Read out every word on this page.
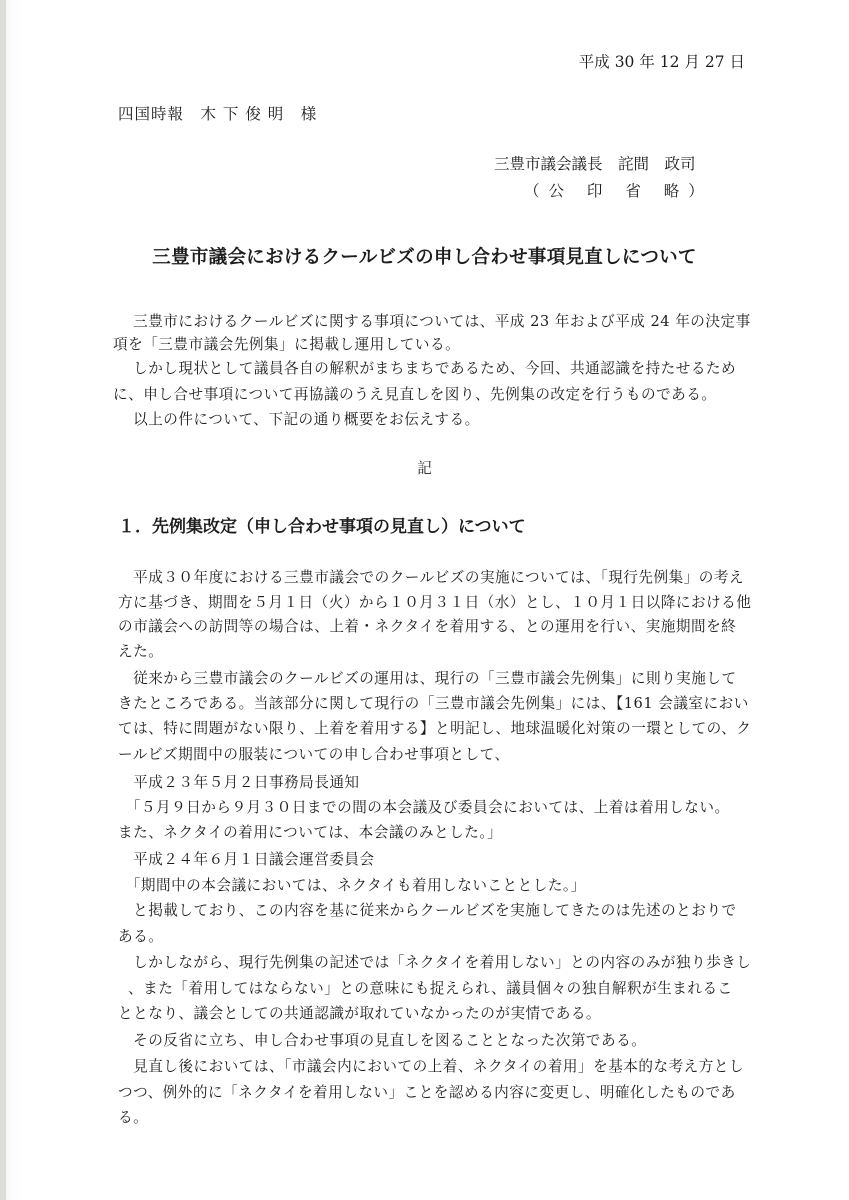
平成 30 年 12 月 27 日
四国時報　木 下 俊 明　様
三豊市議会議長　詫間　政司
（公 印 省 略）
三豊市議会におけるクールビズの申し合わせ事項見直しについて
　三豊市におけるクールビズに関する事項については、平成 23 年および平成 24 年の決定事
項を「三豊市議会先例集」に掲載し運用している。
　しかし現状として議員各自の解釈がまちまちであるため、今回、共通認識を持たせるため
に、申し合せ事項について再協議のうえ見直しを図り、先例集の改定を行うものである。
　以上の件について、下記の通り概要をお伝えする。
記
１．先例集改定（申し合わせ事項の見直し）について
　平成３０年度における三豊市議会でのクールビズの実施については、「現行先例集」の考え
方に基づき、期間を５月１日（火）から１０月３１日（水）とし、１０月１日以降における他
の市議会への訪問等の場合は、上着・ネクタイを着用する、との運用を行い、実施期間を終
えた。
　従来から三豊市議会のクールビズの運用は、現行の「三豊市議会先例集」に則り実施して
きたところである。当該部分に関して現行の「三豊市議会先例集」には、【161 会議室におい
ては、特に問題がない限り、上着を着用する】と明記し、地球温暖化対策の一環としての、ク
ールビズ期間中の服装についての申し合わせ事項として、
　平成２３年５月２日事務局長通知
　「５月９日から９月３０日までの間の本会議及び委員会においては、上着は着用しない。
また、ネクタイの着用については、本会議のみとした。」
　平成２４年６月１日議会運営委員会
　「期間中の本会議においては、ネクタイも着用しないこととした。」
　と掲載しており、この内容を基に従来からクールビズを実施してきたのは先述のとおりで
ある。
　しかしながら、現行先例集の記述では「ネクタイを着用しない」との内容のみが独り歩きし
、また「着用してはならない」との意味にも捉えられ、議員個々の独自解釈が生まれるこ
ととなり、議会としての共通認識が取れていなかったのが実情である。
　その反省に立ち、申し合わせ事項の見直しを図ることとなった次第である。
　見直し後においては、「市議会内においての上着、ネクタイの着用」を基本的な考え方とし
つつ、例外的に「ネクタイを着用しない」ことを認める内容に変更し、明確化したものであ
る。
